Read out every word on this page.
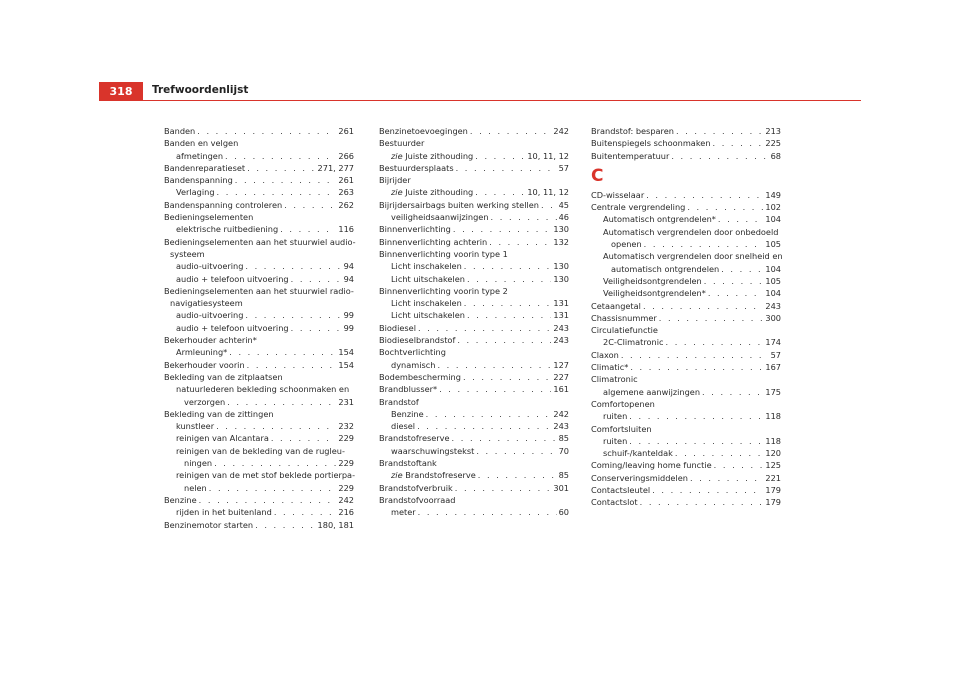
318	Trefwoordenlijst
Banden . . .	261
Banden en velgen
afmetingen . . .	266
Bandenreparatieset . . .	271, 277
Bandenspanning . . .	261
Verlaging . . .	263
Bandenspanning controleren . . .	262
Bedieningselementen
elektrische ruitbediening . . .	116
Bedieningselementen aan het stuurwiel audio-
systeem
audio-uitvoering . . .	94
audio + telefoon uitvoering . . .	94
Bedieningselementen aan het stuurwiel radio-
navigatiesysteem
audio-uitvoering . . .	99
audio + telefoon uitvoering . . .	99
Bekerhouder achterin*
Armleuning* . . .	154
Bekerhouder voorin . . .	154
Bekleding van de zitplaatsen
natuurlederen bekleding schoonmaken en
verzorgen . . .	231
Bekleding van de zittingen
kunstleer . . .	232
reinigen van Alcantara . . .	229
reinigen van de bekleding van de rugleu-
ningen . . .	229
reinigen van de met stof beklede portierpa-
nelen . . .	229
Benzine . . .	242
rijden in het buitenland . . .	216
Benzinemotor starten . . .	180, 181
Benzinetoevoegingen . . .	242
Bestuurder
zie Juiste zithouding . . .	10, 11, 12
Bestuurdersplaats . . .	57
Bijrijder
zie Juiste zithouding . . .	10, 11, 12
Bijrijdersairbags buiten werking stellen . . . 45
veiligheidsaanwijzingen . . .	46
Binnenverlichting . . .	130
Binnenverlichting achterin . . .	132
Binnenverlichting voorin type 1
Licht inschakelen . . .	130
Licht uitschakelen . . .	130
Binnenverlichting voorin type 2
Licht inschakelen . . .	131
Licht uitschakelen . . .	131
Biodiesel . . .	243
Biodieselbrandstof . . .	243
Bochtverlichting
dynamisch . . .	127
Bodembescherming . . .	227
Brandblusser* . . .	161
Brandstof
Benzine . . .	242
diesel . . .	243
Brandstofreserve . . .	85
waarschuwingstekst . . .	70
Brandstoftank
zie Brandstofreserve . . .	85
Brandstofverbruik . . .	301
Brandstofvoorraad
meter . . .	60
Brandstof: besparen . . .	213
Buitenspiegels schoonmaken . . .	225
Buitentemperatuur . . .	68
C
CD-wisselaar . . .	149
Centrale vergrendeling . . .	102
Automatisch ontgrendelen* . . .	104
Automatisch vergrendelen door onbedoeld
openen . . .	105
Automatisch vergrendelen door snelheid en
automatisch ontgrendelen . . .	104
Veiligheidsontgrendelen . . .	105
Veiligheidsontgrendelen* . . .	104
Cetaangetal . . .	243
Chassisnummer . . .	300
Circulatiefunctie
2C-Climatronic . . .	174
Claxon . . .	57
Climatic* . . .	167
Climatronic
algemene aanwijzingen . . .	175
Comfortopenen
ruiten . . .	118
Comfortsluiten
ruiten . . .	118
schuif-/kanteldak . . .	120
Coming/leaving home functie . . .	125
Conserveringsmiddelen . . .	221
Contactsleutel . . .	179
Contactslot . . .	179
